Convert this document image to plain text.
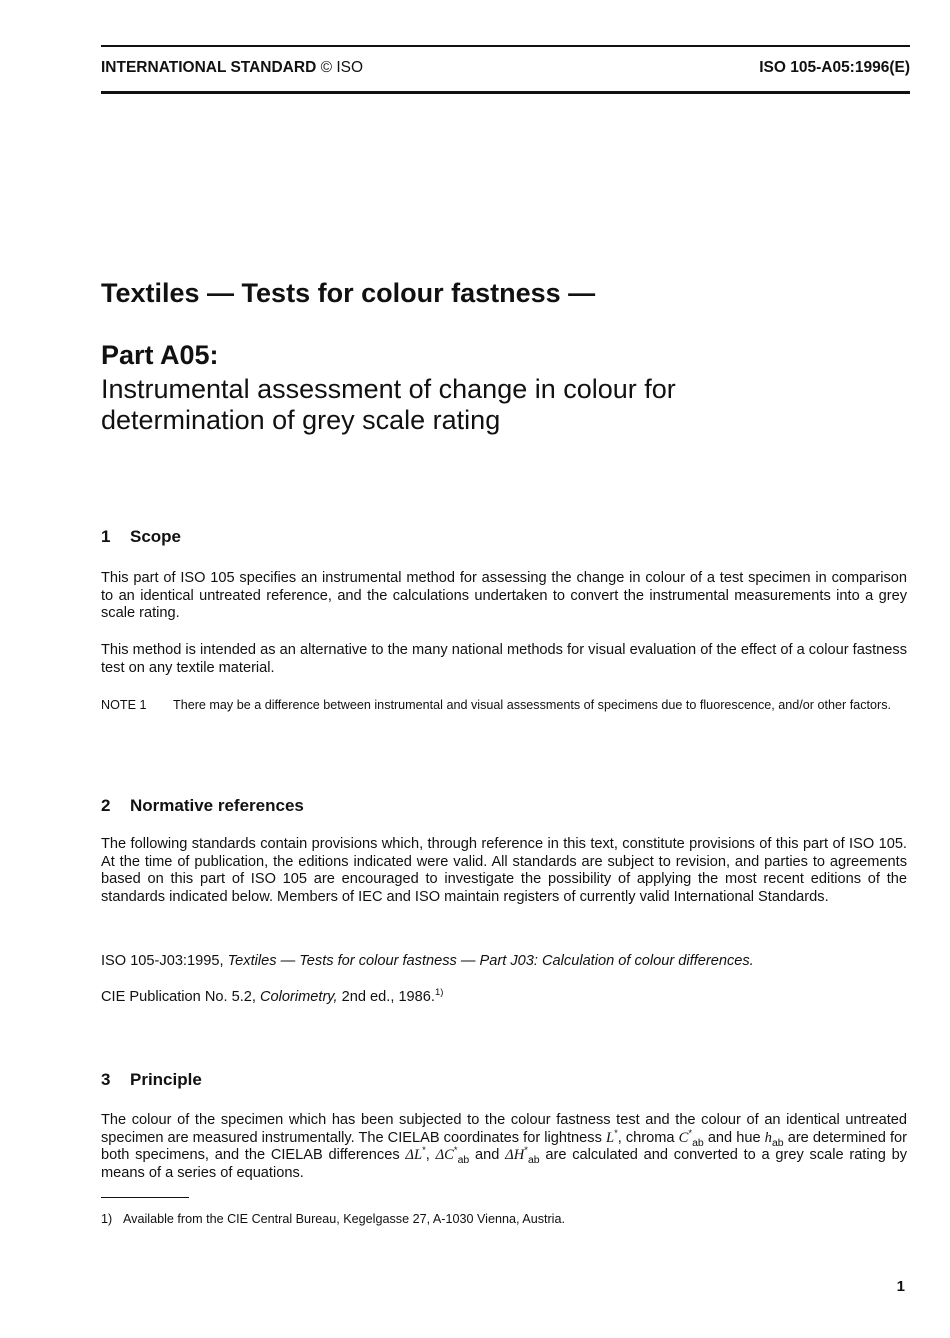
INTERNATIONAL STANDARD © ISO	ISO 105-A05:1996(E)
Textiles — Tests for colour fastness —
Part A05:
Instrumental assessment of change in colour for
determination of grey scale rating
1 Scope

This part of ISO 105 specifies an instrumental method for assessing the change in colour of a test specimen in comparison to an identical untreated reference, and the calculations undertaken to convert the instrumental measurements into a grey scale rating.

This method is intended as an alternative to the many national methods for visual evaluation of the effect of a colour fastness test on any textile material.

NOTE 1 There may be a difference between instrumental and visual assessments of specimens due to fluorescence, and/or other factors.

2 Normative references

The following standards contain provisions which, through reference in this text, constitute provisions of this part of ISO 105. At the time of publication, the editions indicated were valid. All standards are subject to revision, and parties to agreements based on this part of ISO 105 are encouraged to investigate the possibility of applying the most recent editions of the standards indicated below. Members of IEC and ISO maintain registers of currently valid International Standards.

ISO 105-J03:1995, Textiles — Tests for colour fastness — Part J03: Calculation of colour differences.

CIE Publication No. 5.2, Colorimetry, 2nd ed., 1986.$^{1)}$

3 Principle

The colour of the specimen which has been subjected to the colour fastness test and the colour of an identical untreated specimen are measured instrumentally. The CIELAB coordinates for lightness L*, chroma $C^*_{ab}$ and hue $h_{ab}$ are determined for both specimens, and the CIELAB differences ΔL*, $\Delta C^*_{ab}$ and $\Delta H^*_{ab}$ are calculated and converted to a grey scale rating by means of a series of equations.

1) Available from the CIE Central Bureau, Kegelgasse 27, A-1030 Vienna, Austria.
1
